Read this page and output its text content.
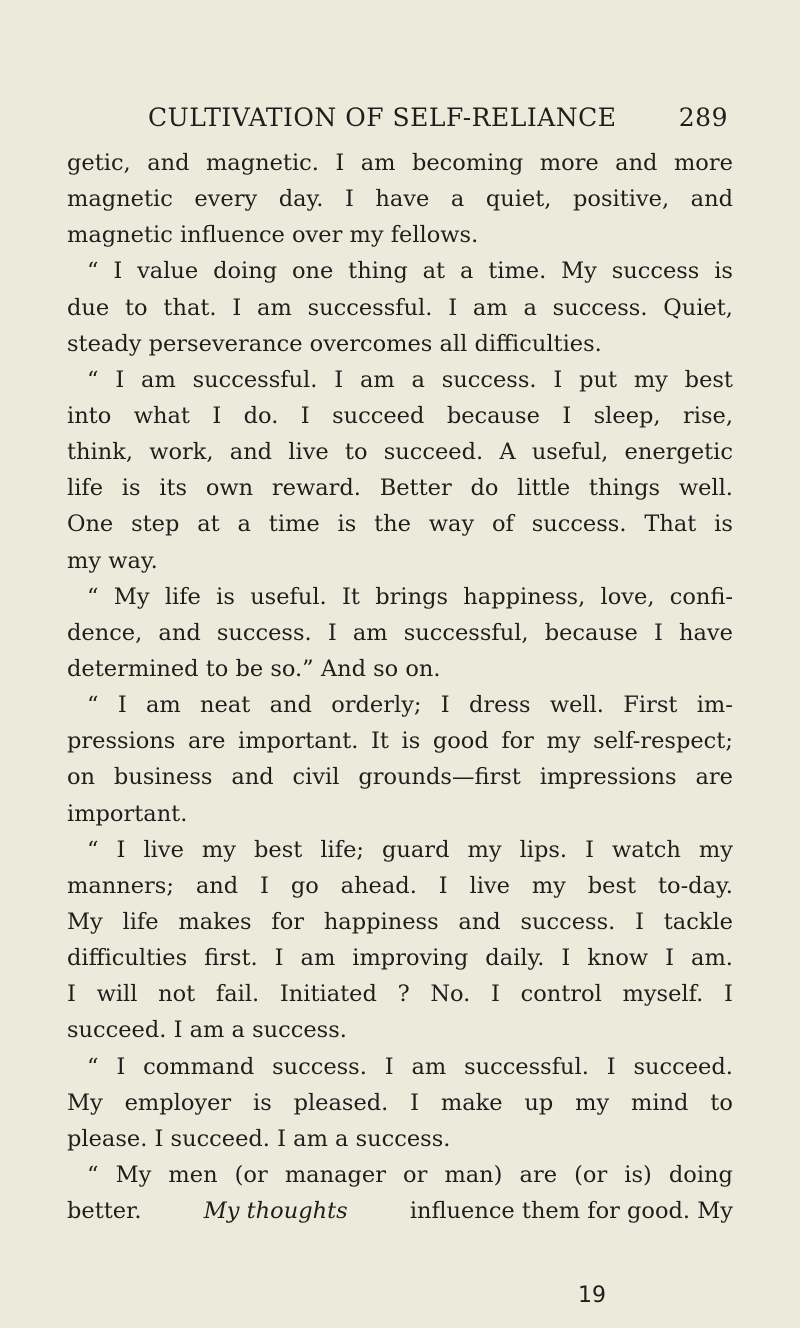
CULTIVATION OF SELF-RELIANCE 289
getic, and magnetic. I am becoming more and more
magnetic every day. I have a quiet, positive, and
magnetic influence over my fellows.
“ I value doing one thing at a time. My success is
due to that. I am successful. I am a success. Quiet,
steady perseverance overcomes all difficulties.
“ I am successful. I am a success. I put my best
into what I do. I succeed because I sleep, rise,
think, work, and live to succeed. A useful, energetic
life is its own reward. Better do little things well.
One step at a time is the way of success. That is
my way.
“ My life is useful. It brings happiness, love, confi-
dence, and success. I am successful, because I have
determined to be so.” And so on.
“ I am neat and orderly; I dress well. First im-
pressions are important. It is good for my self-respect;
on business and civil grounds—first impressions are
important.
“ I live my best life; guard my lips. I watch my
manners; and I go ahead. I live my best to-day.
My life makes for happiness and success. I tackle
difficulties first. I am improving daily. I know I am.
I will not fail. Initiated ? No. I control myself. I
succeed. I am a success.
“ I command success. I am successful. I succeed.
My employer is pleased. I make up my mind to
please. I succeed. I am a success.
“ My men (or manager or man) are (or is) doing
better.	My thoughts	influence them for good. My
19
